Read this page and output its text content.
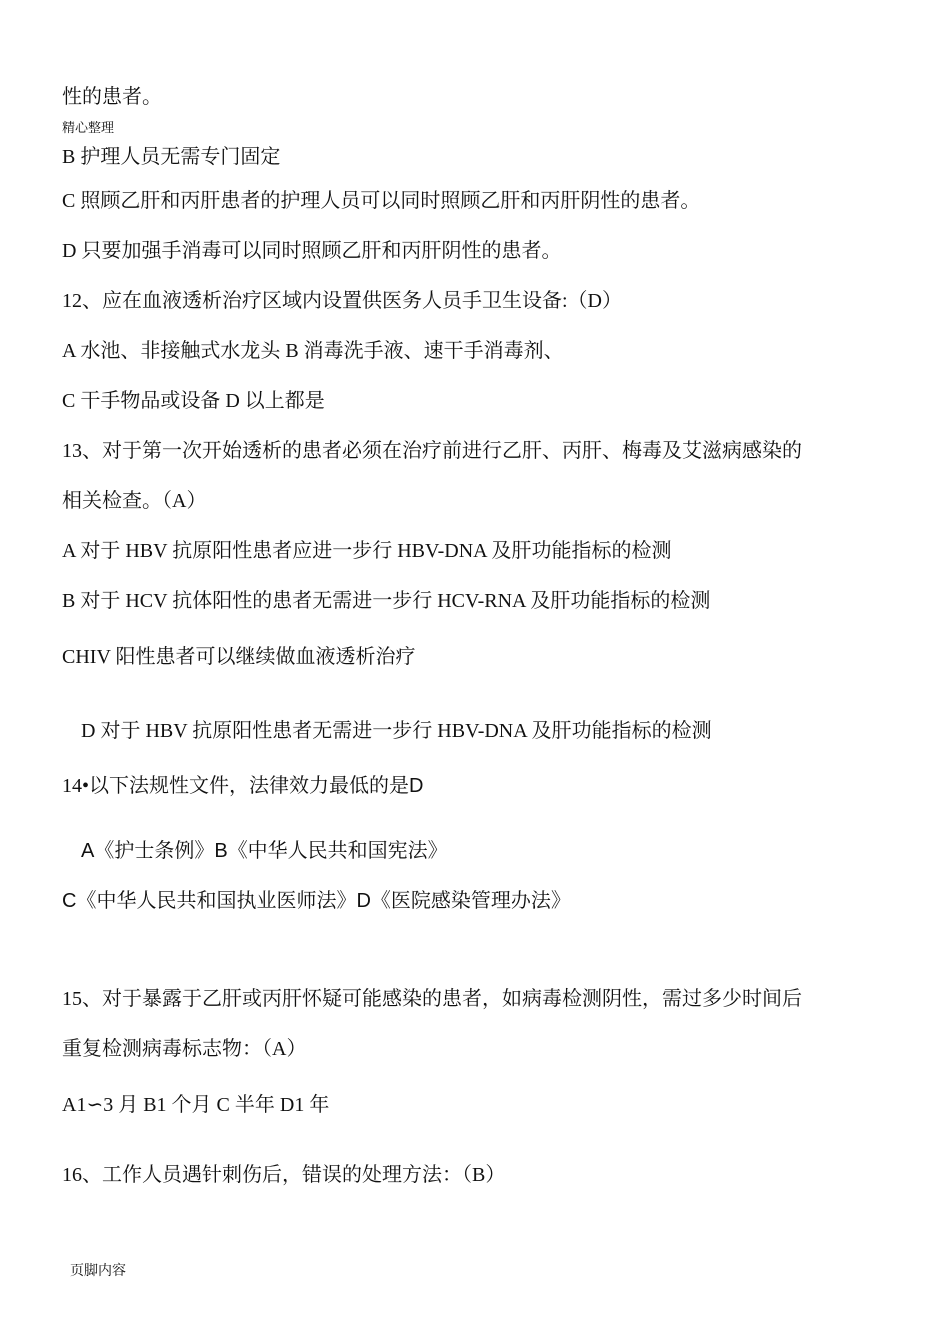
性的患者。
精心整理
B 护理人员无需专门固定
C 照顾乙肝和丙肝患者的护理人员可以同时照顾乙肝和丙肝阴性的患者。
D 只要加强手消毒可以同时照顾乙肝和丙肝阴性的患者。
12、应在血液透析治疗区域内设置供医务人员手卫生设备:（D）
A 水池、非接触式水龙头 B 消毒洗手液、速干手消毒剂、
C 干手物品或设备 D 以上都是
13、对于第一次开始透析的患者必须在治疗前进行乙肝、丙肝、梅毒及艾滋病感染的
相关检查。（A）
A 对于 HBV 抗原阳性患者应进一步行 HBV-DNA 及肝功能指标的检测
B 对于 HCV 抗体阳性的患者无需进一步行 HCV-RNA 及肝功能指标的检测
CHIV 阳性患者可以继续做血液透析治疗
D 对于 HBV 抗原阳性患者无需进一步行 HBV-DNA 及肝功能指标的检测
14•以下法规性文件，法律效力最低的是D
A《护士条例》B《中华人民共和国宪法》
C《中华人民共和国执业医师法》D《医院感染管理办法》
15、对于暴露于乙肝或丙肝怀疑可能感染的患者，如病毒检测阴性，需过多少时间后
重复检测病毒标志物：（A）
A1∽3 月 B1 个月 C 半年 D1 年
16、工作人员遇针刺伤后，错误的处理方法：（B）
页脚内容
